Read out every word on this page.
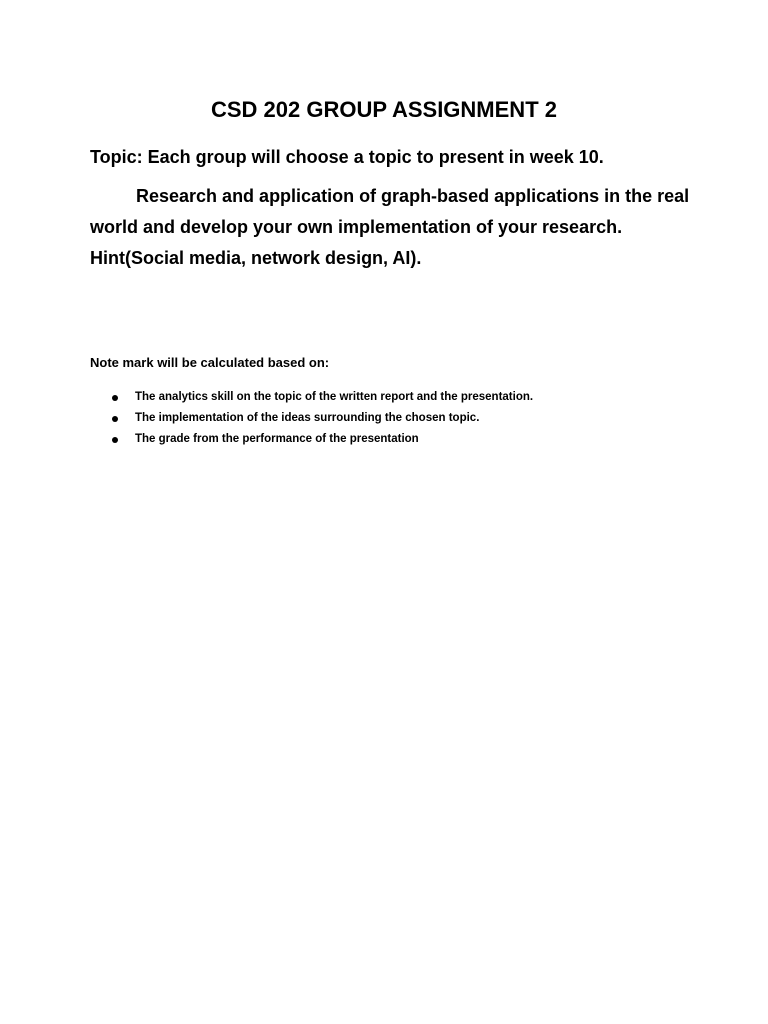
CSD 202 GROUP ASSIGNMENT 2
Topic: Each group will choose a topic to present in week 10.
Research and application of graph-based applications in the real world and develop your own implementation of your research. Hint(Social media, network design, AI).
Note mark will be calculated based on:
The analytics skill on the topic of the written report and the presentation.
The implementation of the ideas surrounding the chosen topic.
The grade from the performance of the presentation
